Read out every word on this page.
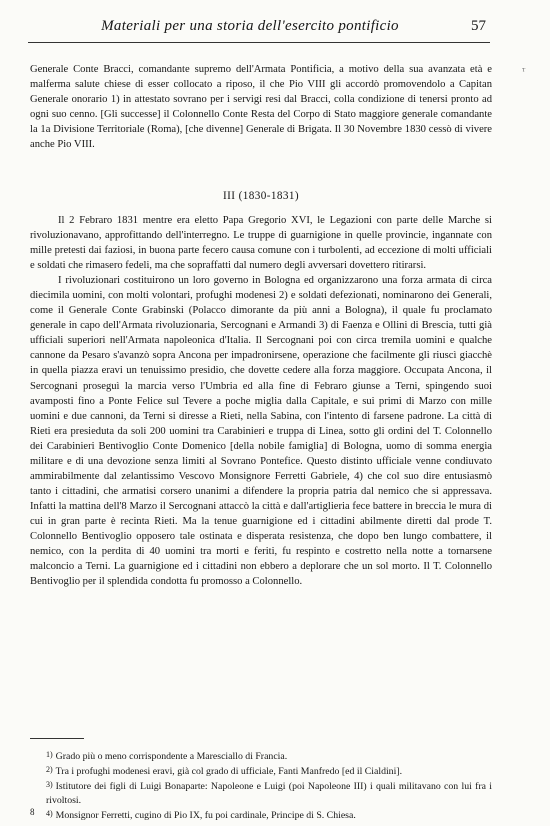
Materiali per una storia dell'esercito pontificio	57
ᵀ

Generale Conte Bracci, comandante supremo dell'Armata Pontificia, a motivo della sua avanzata età e malferma salute chiese di esser collocato a riposo, il che Pio VIII gli accordò promovendolo a Capitan Generale onorario 1) in attestato sovrano per i servigi resi dal Bracci, colla condizione di tenersi pronto ad ogni suo cenno. [Gli successe] il Colonnello Conte Resta del Corpo di Stato maggiore generale comandante la 1a Divisione Territoriale (Roma), [che divenne] Generale di Brigata. Il 30 Novembre 1830 cessò di vivere anche Pio VIII.

III (1830-1831)

Il 2 Febraro 1831 mentre era eletto Papa Gregorio XVI, le Legazioni con parte delle Marche si rivoluzionavano, approfittando dell'interregno. Le truppe di guarnigione in quelle provincie, ingannate con mille pretesti dai faziosi, in buona parte fecero causa comune con i turbolenti, ad eccezione di molti ufficiali e soldati che rimasero fedeli, ma che sopraffatti dal numero degli avversari dovettero ritirarsi.

I rivoluzionari costituirono un loro governo in Bologna ed organizzarono una forza armata di circa diecimila uomini, con molti volontari, profughi modenesi 2) e soldati defezionati, nominarono dei Generali, come il Generale Conte Grabinski (Polacco dimorante da più anni a Bologna), il quale fu proclamato generale in capo dell'Armata rivoluzionaria, Sercognani e Armandi 3) di Faenza e Ollini di Brescia, tutti già ufficiali superiori nell'Armata napoleonica d'Italia. Il Sercognani poi con circa tremila uomini e qualche cannone da Pesaro s'avanzò sopra Ancona per impadronirsene, operazione che facilmente gli riuscì giacchè in quella piazza eravi un tenuissimo presidio, che dovette cedere alla forza maggiore. Occupata Ancona, il Sercognani proseguì la marcia verso l'Umbria ed alla fine di Febraro giunse a Terni, spingendo suoi avamposti fino a Ponte Felice sul Tevere a poche miglia dalla Capitale, e sui primi di Marzo con mille uomini e due cannoni, da Terni si diresse a Rieti, nella Sabina, con l'intento di farsene padrone. La città di Rieti era presieduta da soli 200 uomini tra Carabinieri e truppa di Linea, sotto gli ordini del T. Colonnello dei Carabinieri Bentivoglio Conte Domenico [della nobile famiglia] di Bologna, uomo di somma energia militare e di una devozione senza limiti al Sovrano Pontefice. Questo distinto ufficiale venne condiuvato ammirabilmente dal zelantissimo Vescovo Monsignore Ferretti Gabriele, 4) che col suo dire entusiasmò tanto i cittadini, che armatisi corsero unanimi a difendere la propria patria dal nemico che si appressava. Infatti la mattina dell'8 Marzo il Sercognani attaccò la città e dall'artiglieria fece battere in breccia le mura di cui in gran parte è recinta Rieti. Ma la tenue guarnigione ed i cittadini abilmente diretti dal prode T. Colonnello Bentivoglio opposero tale ostinata e disperata resistenza, che dopo ben lungo combattere, il nemico, con la perdita di 40 uomini tra morti e feriti, fu respinto e costretto nella notte a tornarsene malconcio a Terni. La guarnigione ed i cittadini non ebbero a deplorare che un sol morto. Il T. Colonnello Bentivoglio per il splendida condotta fu promosso a Colonnello.

$^{1)}$ Grado più o meno corrispondente a Maresciallo di Francia.

$^{2)}$ Tra i profughi modenesi eravi, già col grado di ufficiale, Fanti Manfredo [ed il Cialdini].

$^{3)}$ Istitutore dei figli di Luigi Bonaparte: Napoleone e Luigi (poi Napoleone III) i quali militavano con lui fra i rivoltosi.

$^{4)}$ Monsignor Ferretti, cugino di Pio IX, fu poi cardinale, Principe di S. Chiesa.

8
